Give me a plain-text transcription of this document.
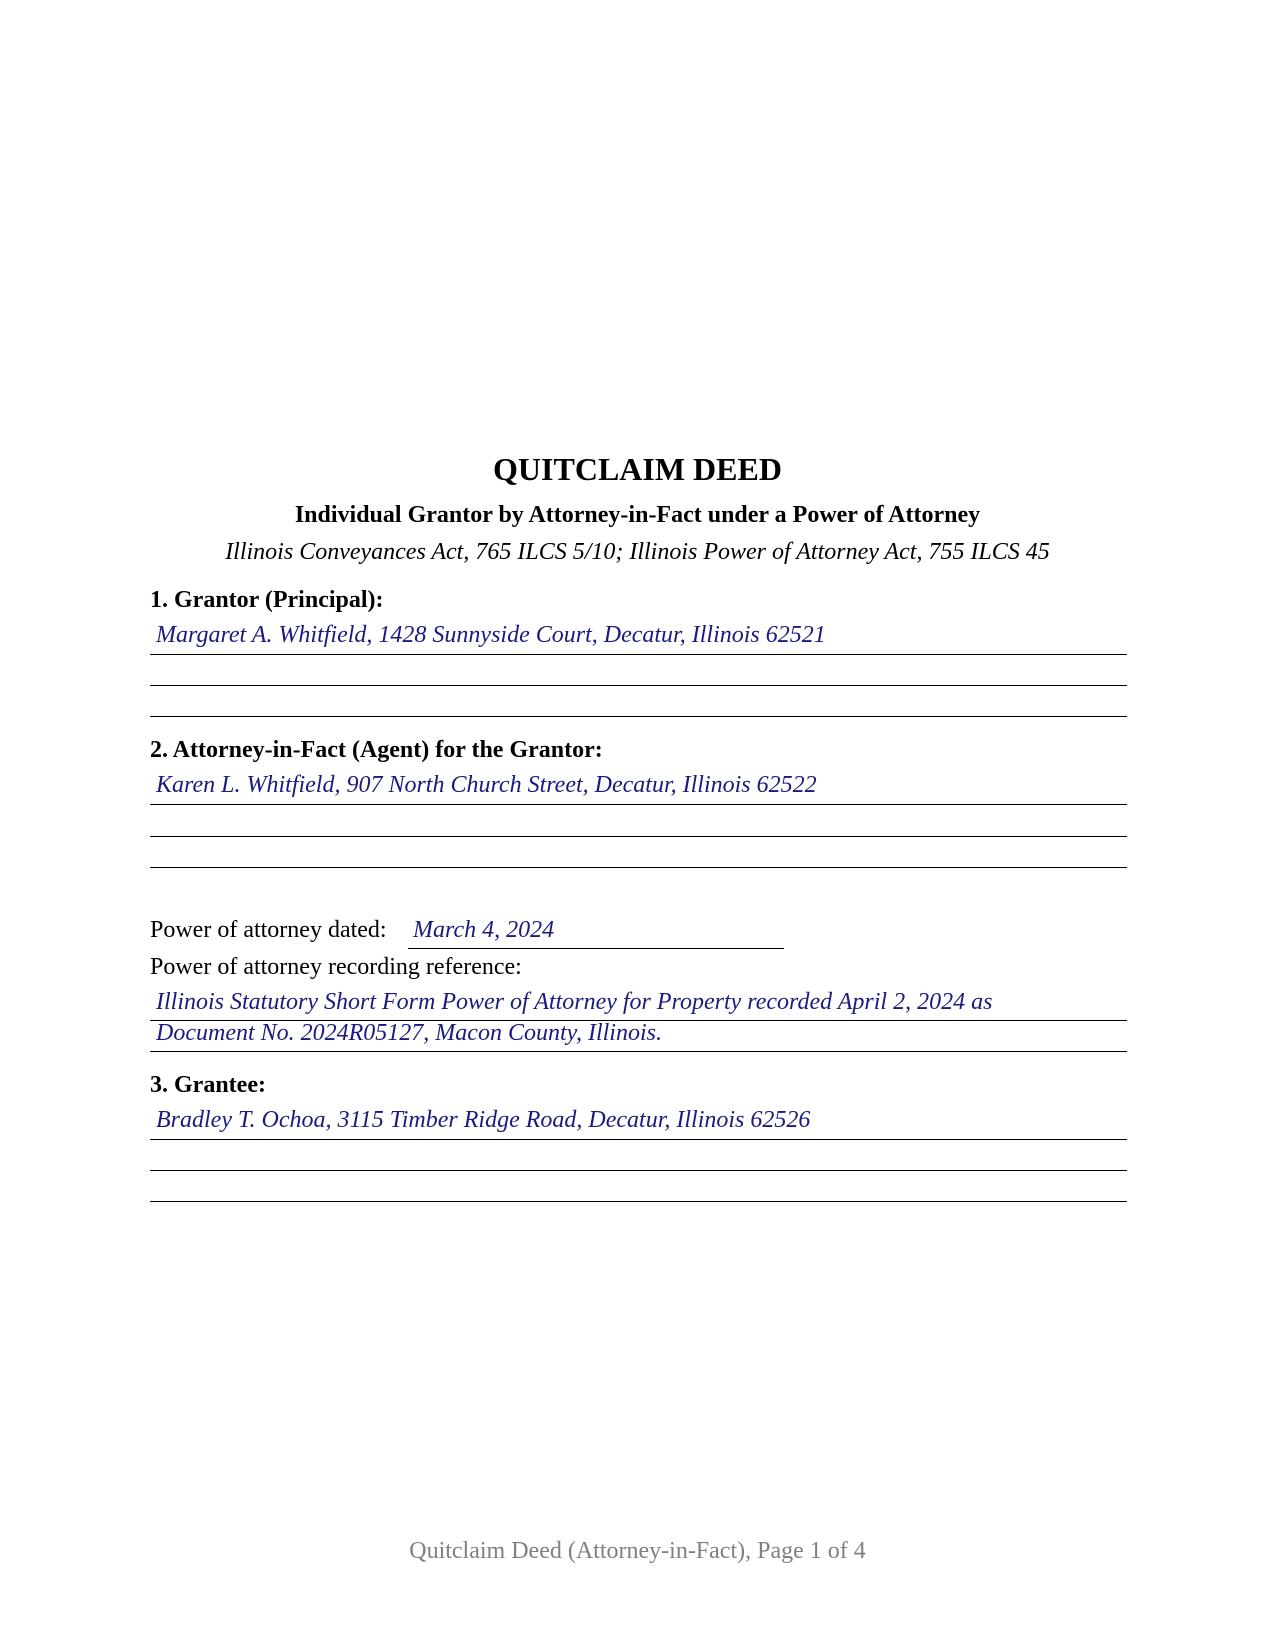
QUITCLAIM DEED
Individual Grantor by Attorney-in-Fact under a Power of Attorney
Illinois Conveyances Act, 765 ILCS 5/10; Illinois Power of Attorney Act, 755 ILCS 45
1. Grantor (Principal):
Margaret A. Whitfield, 1428 Sunnyside Court, Decatur, Illinois 62521
2. Attorney-in-Fact (Agent) for the Grantor:
Karen L. Whitfield, 907 North Church Street, Decatur, Illinois 62522
Power of attorney dated: March 4, 2024
Power of attorney recording reference:
Illinois Statutory Short Form Power of Attorney for Property recorded April 2, 2024 as
Document No. 2024R05127, Macon County, Illinois.
3. Grantee:
Bradley T. Ochoa, 3115 Timber Ridge Road, Decatur, Illinois 62526
Quitclaim Deed (Attorney-in-Fact), Page 1 of 4
